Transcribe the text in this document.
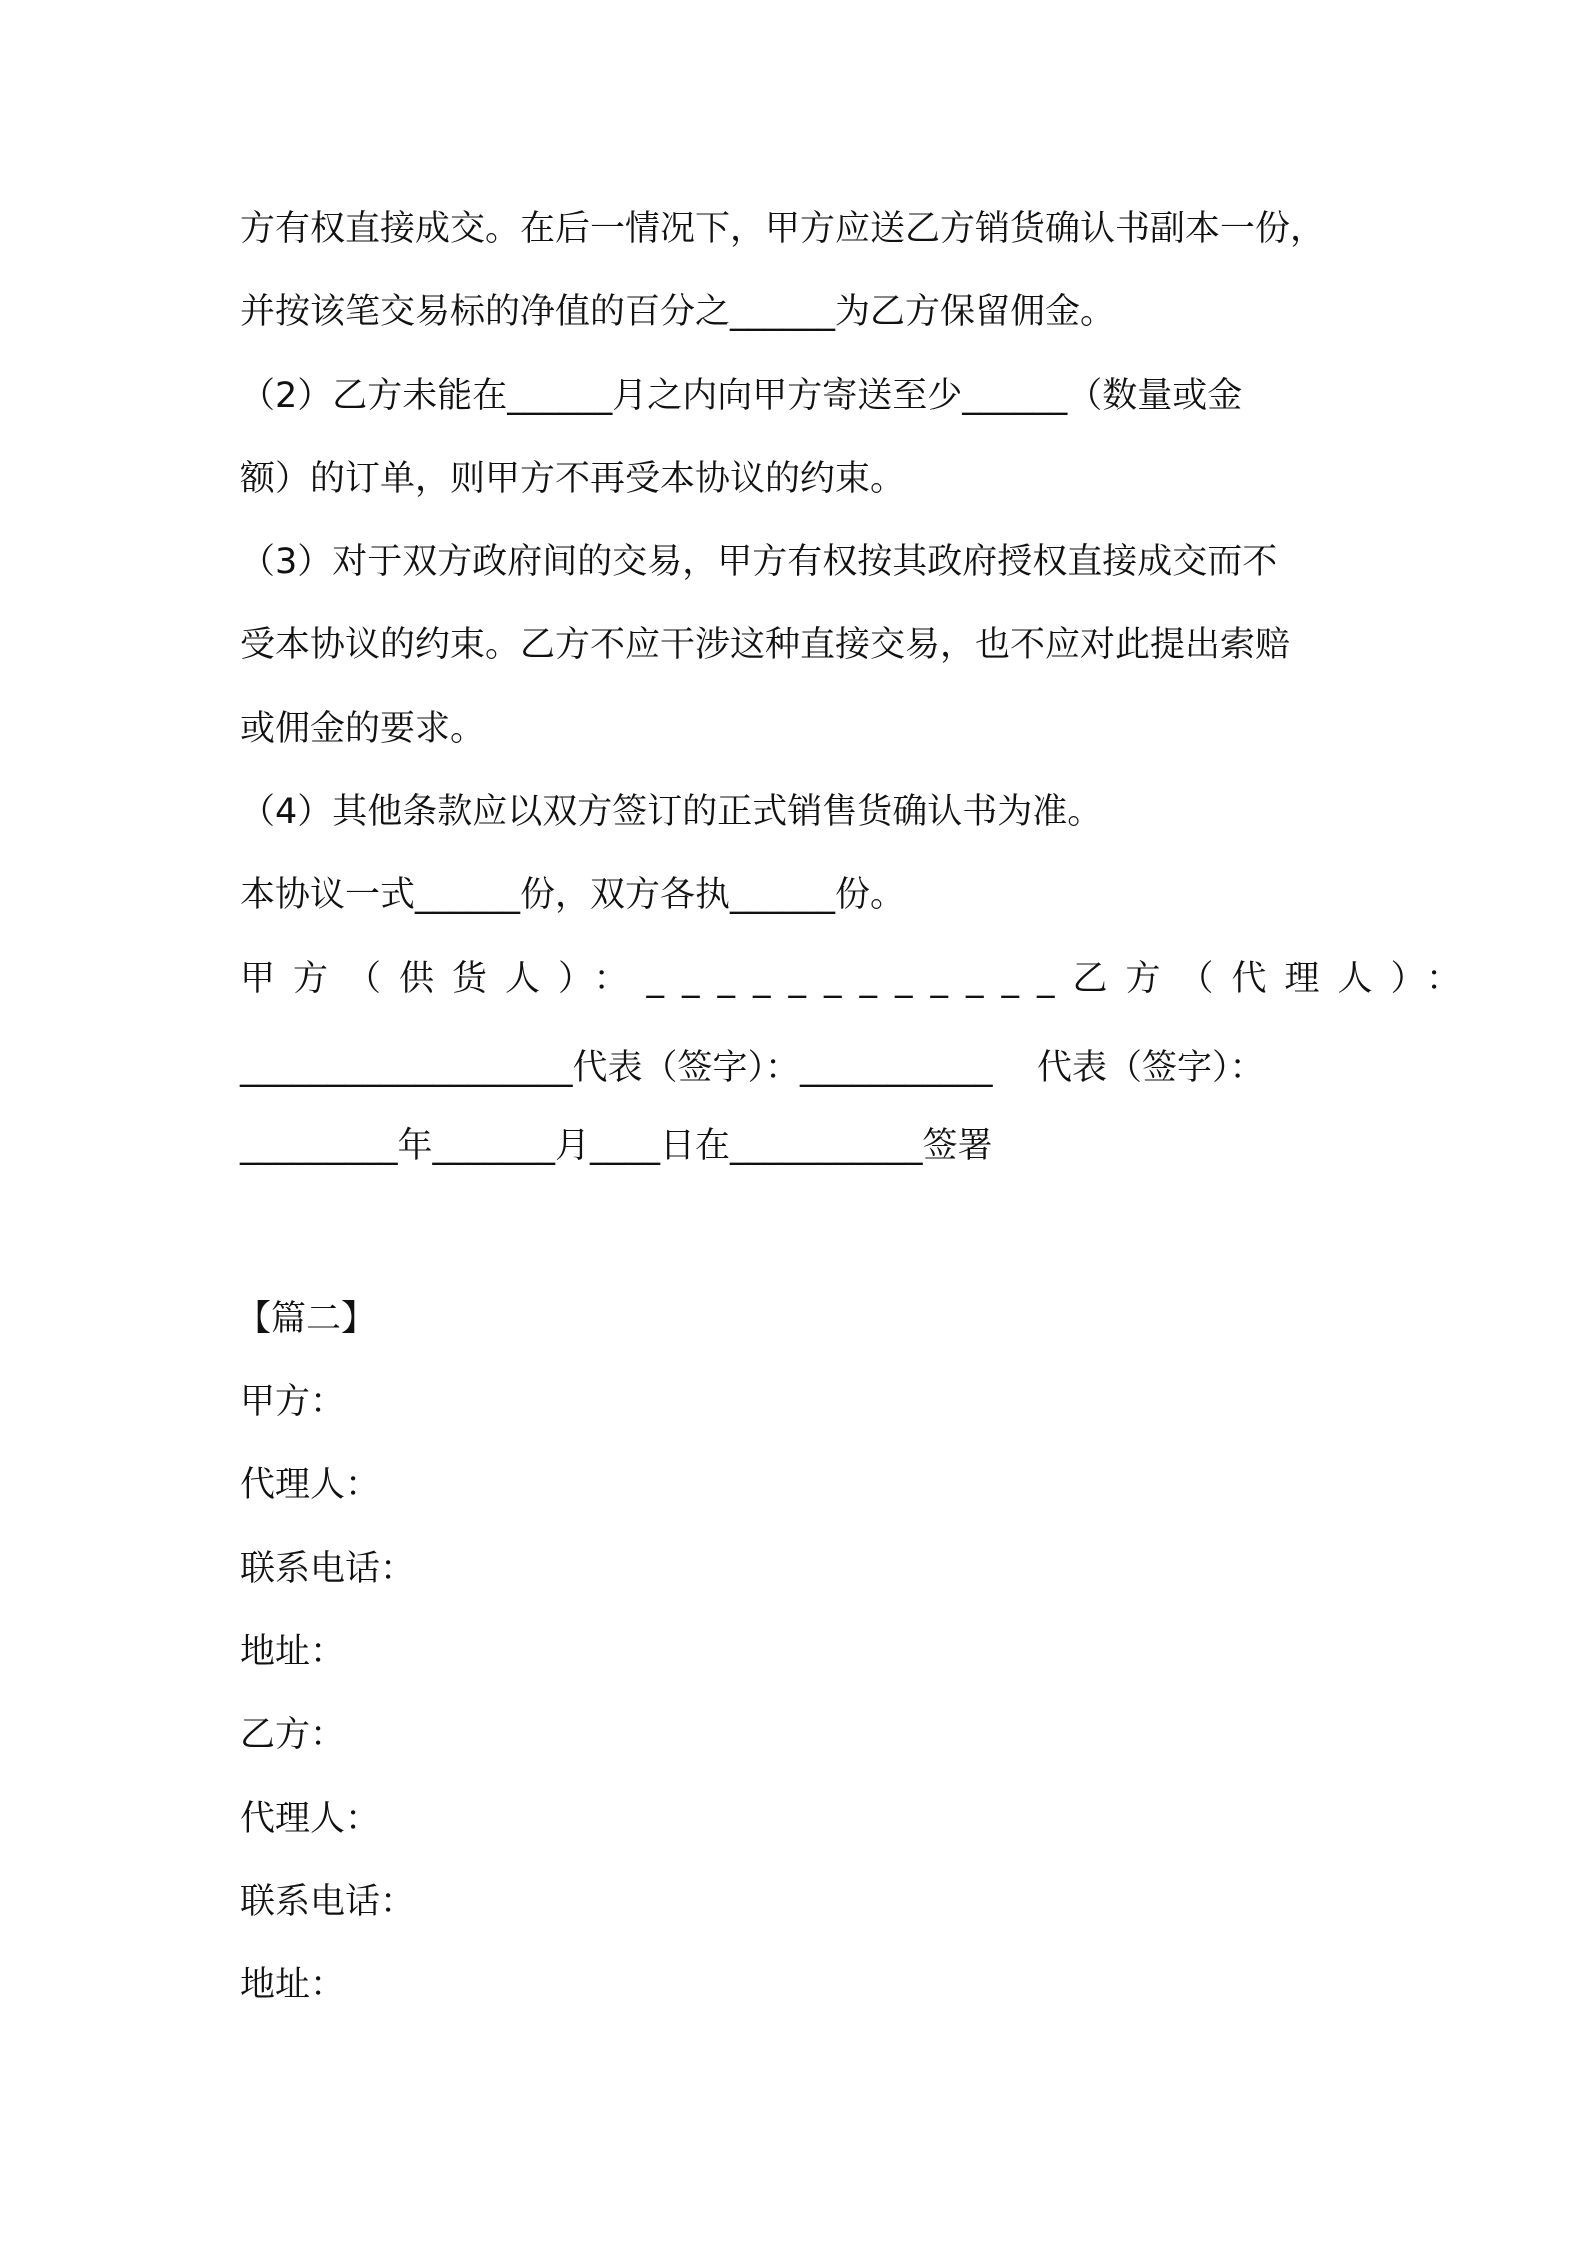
方有权直接成交。在后一情况下，甲方应送乙方销货确认书副本一份，
并按该笔交易标的净值的百分之______为乙方保留佣金。
（2）乙方未能在______月之内向甲方寄送至少______（数量或金
额）的订单，则甲方不再受本协议的约束。
（3）对于双方政府间的交易，甲方有权按其政府授权直接成交而不
受本协议的约束。乙方不应干涉这种直接交易，也不应对此提出索赔
或佣金的要求。
（4）其他条款应以双方签订的正式销售货确认书为准。
本协议一式______份，双方各执______份。
甲方（供货人）：____________乙方（代理人）：
___________________代表（签字）：___________    代表（签字）：
_________年_______月____日在___________签署
【篇二】
甲方：
代理人：
联系电话：
地址：
乙方：
代理人：
联系电话：
地址：
